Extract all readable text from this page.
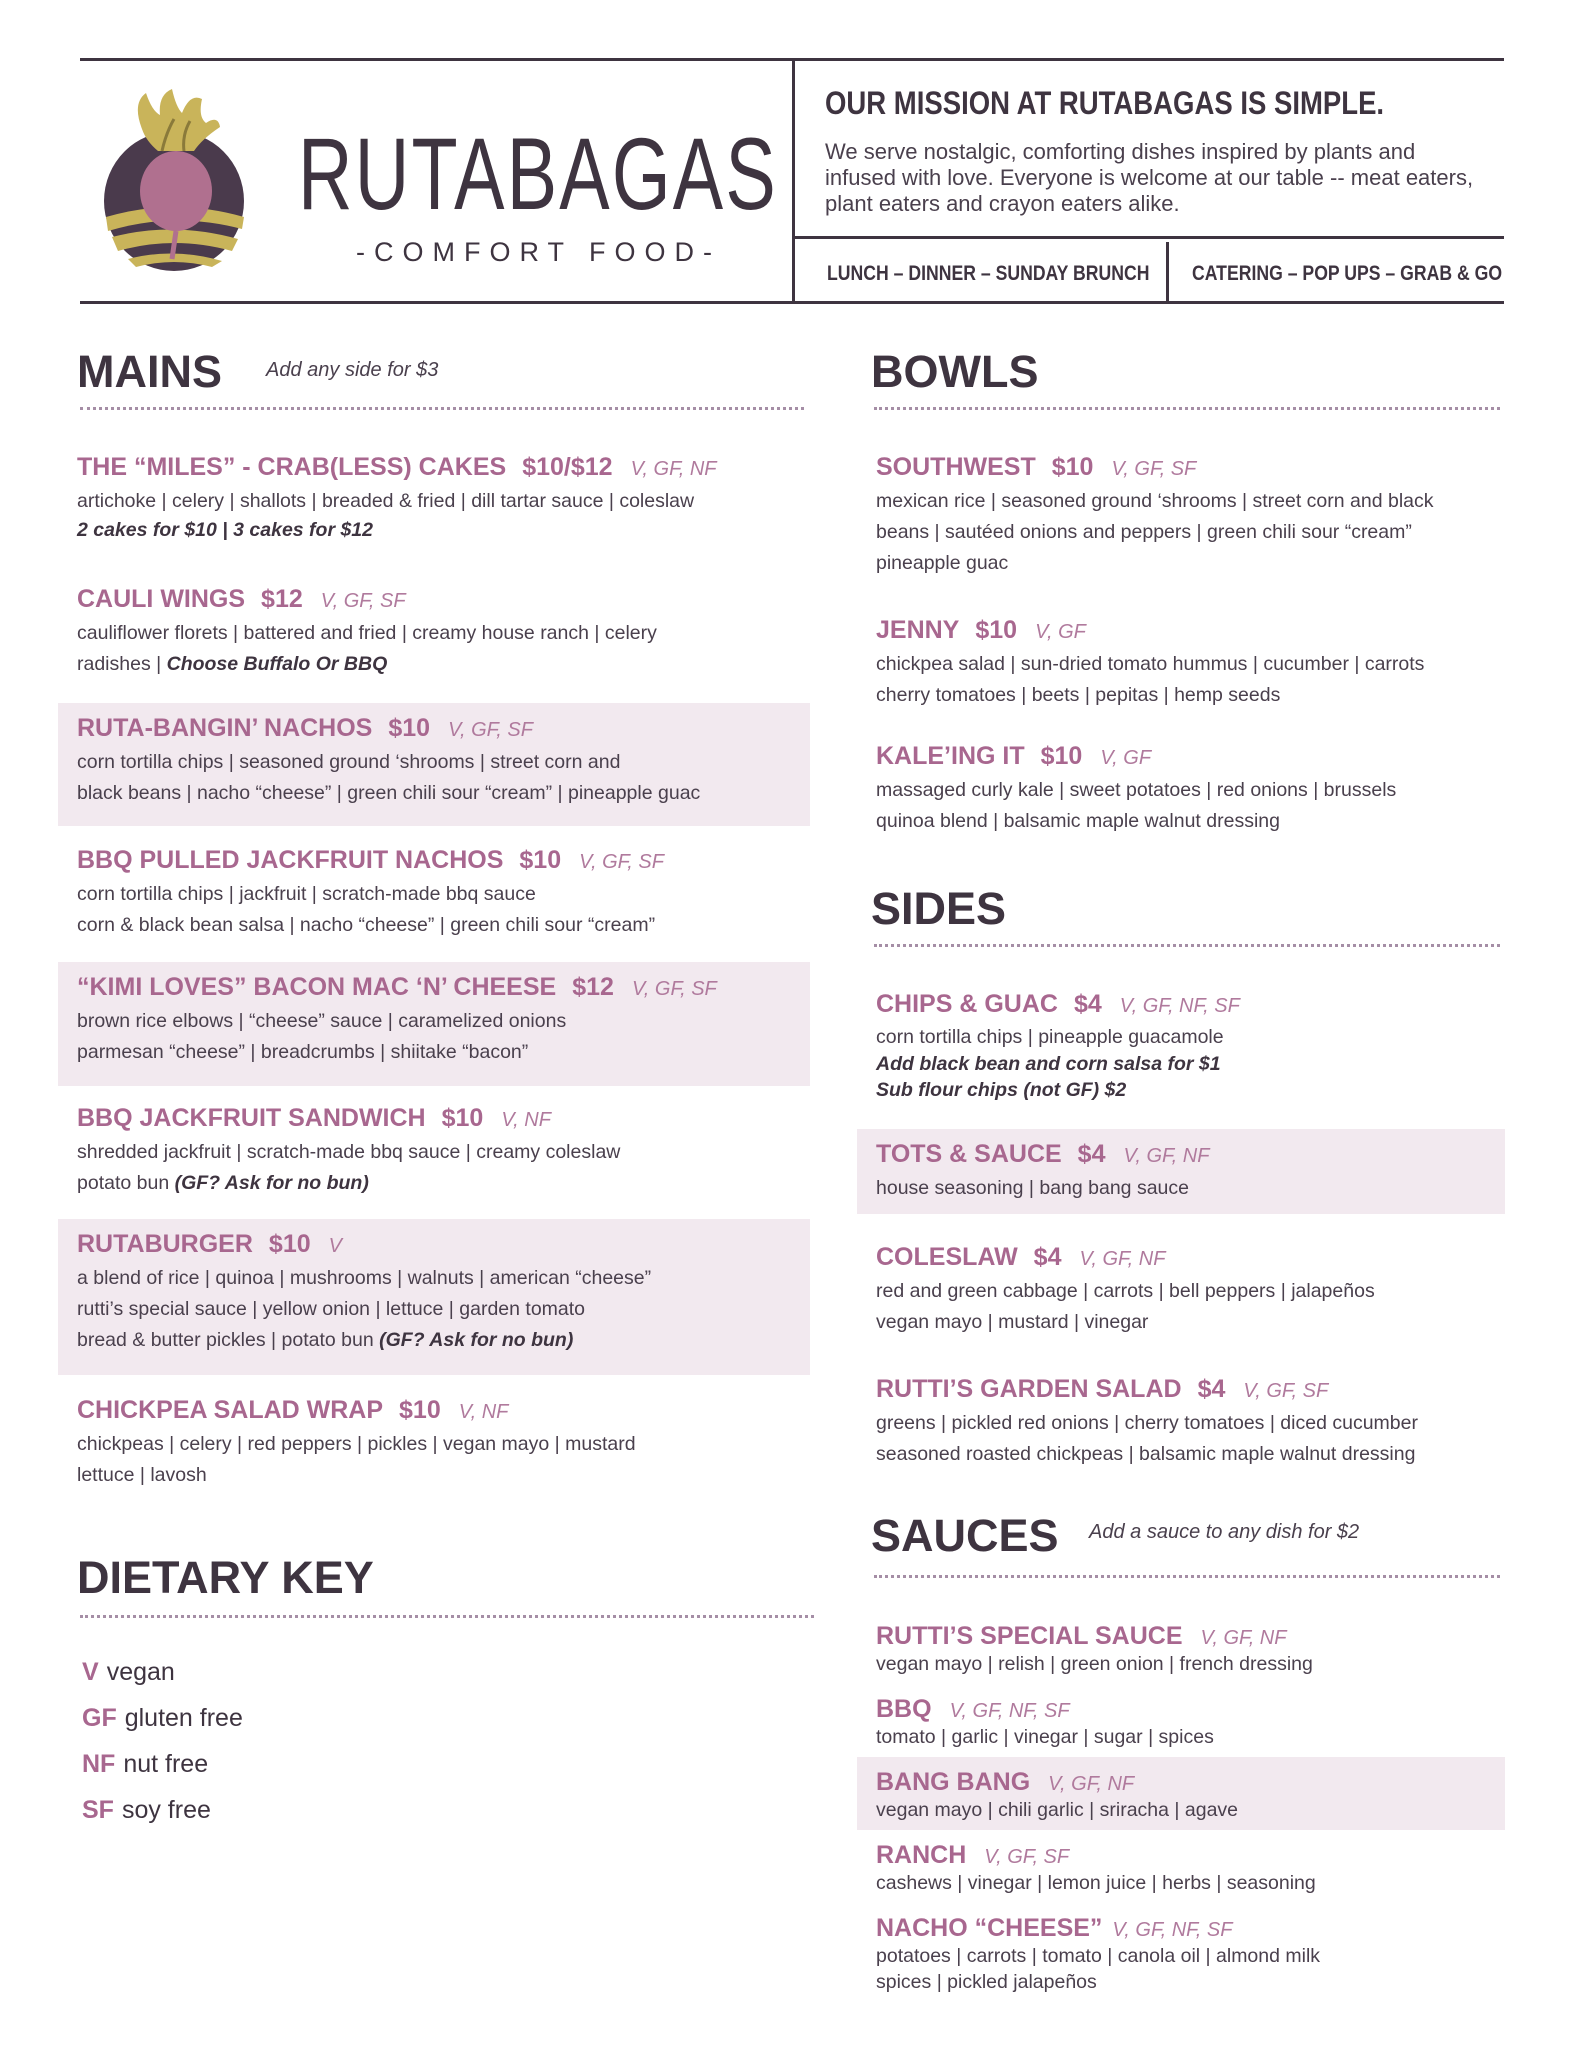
RUTABAGAS
-COMFORT FOOD-
OUR MISSION AT RUTABAGAS IS SIMPLE.
We serve nostalgic, comforting dishes inspired by plants and infused with love. Everyone is welcome at our table -- meat eaters, plant eaters and crayon eaters alike.
LUNCH – DINNER – SUNDAY BRUNCH CATERING – POP UPS – GRAB & GO
MAINS Add any side for $3
THE “MILES” - CRAB(LESS) CAKES $10/$12 V, GF, NF
artichoke | celery | shallots | breaded & fried | dill tartar sauce | coleslaw
2 cakes for $10 | 3 cakes for $12
CAULI WINGS $12 V, GF, SF
cauliflower florets | battered and fried | creamy house ranch | celery
radishes | Choose Buffalo Or BBQ
RUTA-BANGIN’ NACHOS $10 V, GF, SF
corn tortilla chips | seasoned ground ‘shrooms | street corn and
black beans | nacho “cheese” | green chili sour “cream” | pineapple guac
BBQ PULLED JACKFRUIT NACHOS $10 V, GF, SF
corn tortilla chips | jackfruit | scratch-made bbq sauce
corn & black bean salsa | nacho “cheese” | green chili sour “cream”
“KIMI LOVES” BACON MAC ‘N’ CHEESE $12 V, GF, SF
brown rice elbows | “cheese” sauce | caramelized onions
parmesan “cheese” | breadcrumbs | shiitake “bacon”
BBQ JACKFRUIT SANDWICH $10 V, NF
shredded jackfruit | scratch-made bbq sauce | creamy coleslaw
potato bun (GF? Ask for no bun)
RUTABURGER $10 V
a blend of rice | quinoa | mushrooms | walnuts | american “cheese”
rutti’s special sauce | yellow onion | lettuce | garden tomato
bread & butter pickles | potato bun (GF? Ask for no bun)
CHICKPEA SALAD WRAP $10 V, NF
chickpeas | celery | red peppers | pickles | vegan mayo | mustard
lettuce | lavosh
DIETARY KEY
V vegan
GF gluten free
NF nut free
SF soy free
BOWLS
SOUTHWEST $10 V, GF, SF
mexican rice | seasoned ground ‘shrooms | street corn and black
beans | sautéed onions and peppers | green chili sour “cream”
pineapple guac
JENNY $10 V, GF
chickpea salad | sun-dried tomato hummus | cucumber | carrots
cherry tomatoes | beets | pepitas | hemp seeds
KALE’ING IT $10 V, GF
massaged curly kale | sweet potatoes | red onions | brussels
quinoa blend | balsamic maple walnut dressing
SIDES
CHIPS & GUAC $4 V, GF, NF, SF
corn tortilla chips | pineapple guacamole
Add black bean and corn salsa for $1
Sub flour chips (not GF) $2
TOTS & SAUCE $4 V, GF, NF
house seasoning | bang bang sauce
COLESLAW $4 V, GF, NF
red and green cabbage | carrots | bell peppers | jalapeños
vegan mayo | mustard | vinegar
RUTTI’S GARDEN SALAD $4 V, GF, SF
greens | pickled red onions | cherry tomatoes | diced cucumber
seasoned roasted chickpeas | balsamic maple walnut dressing
SAUCES Add a sauce to any dish for $2
RUTTI’S SPECIAL SAUCE V, GF, NF
vegan mayo | relish | green onion | french dressing
BBQ V, GF, NF, SF
tomato | garlic | vinegar | sugar | spices
BANG BANG V, GF, NF
vegan mayo | chili garlic | sriracha | agave
RANCH V, GF, SF
cashews | vinegar | lemon juice | herbs | seasoning
NACHO “CHEESE” V, GF, NF, SF
potatoes | carrots | tomato | canola oil | almond milk
spices | pickled jalapeños
